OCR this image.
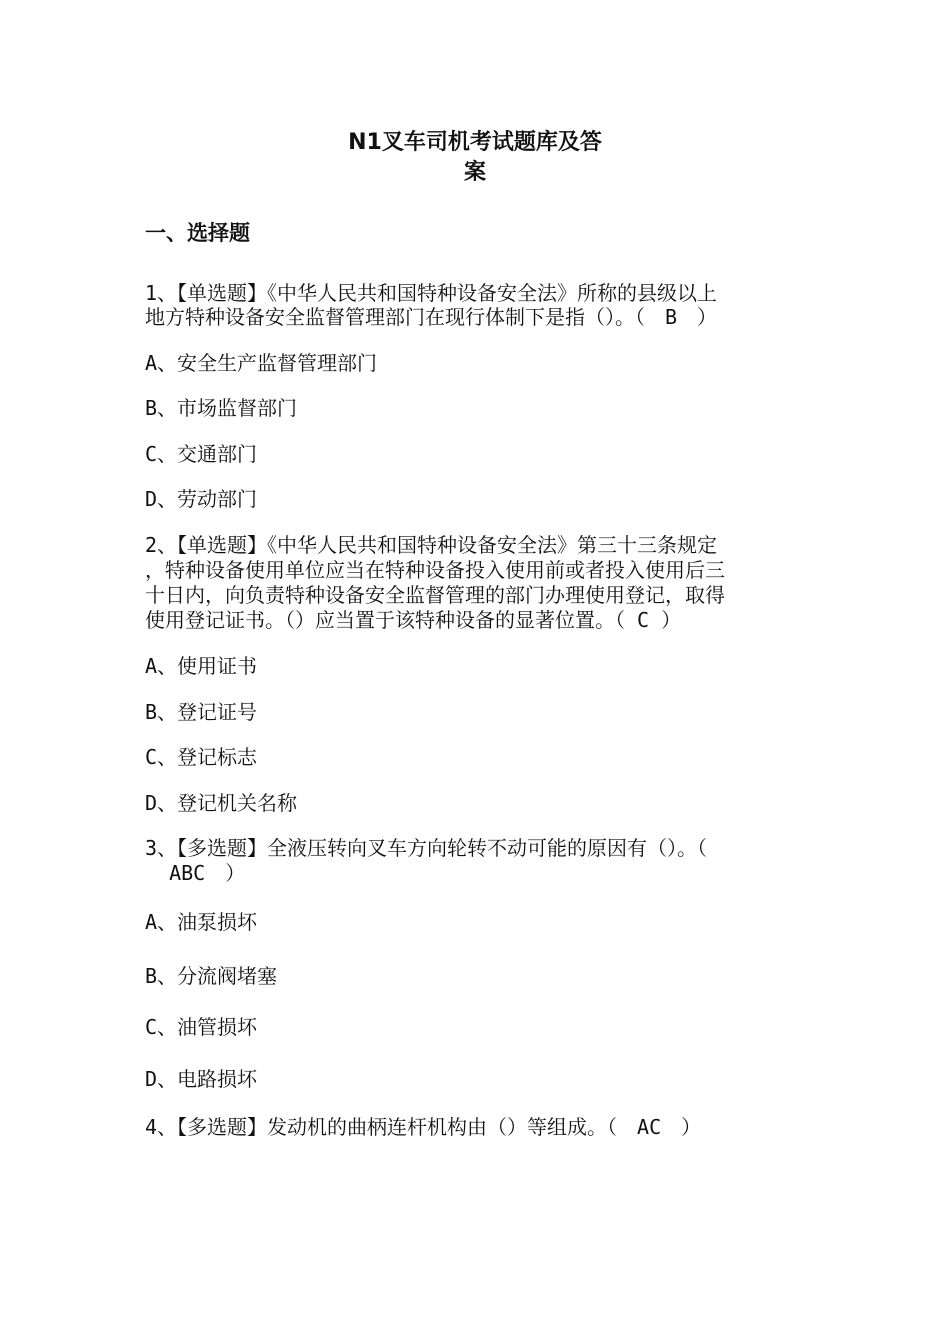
N1叉车司机考试题库及答
案
一、选择题
1、【单选题】《中华人民共和国特种设备安全法》所称的县级以上
地方特种设备安全监督管理部门在现行体制下是指（）。（　B　）
A、安全生产监督管理部门
B、市场监督部门
C、交通部门
D、劳动部门
2、【单选题】《中华人民共和国特种设备安全法》第三十三条规定
，特种设备使用单位应当在特种设备投入使用前或者投入使用后三
十日内，向负责特种设备安全监督管理的部门办理使用登记，取得
使用登记证书。（）应当置于该特种设备的显著位置。（ C ）
A、使用证书
B、登记证号
C、登记标志
D、登记机关名称
3、【多选题】全液压转向叉车方向轮转不动可能的原因有（）。（
ABC　）
A、油泵损坏
B、分流阀堵塞
C、油管损坏
D、电路损坏
4、【多选题】发动机的曲柄连杆机构由（）等组成。（　AC　）
